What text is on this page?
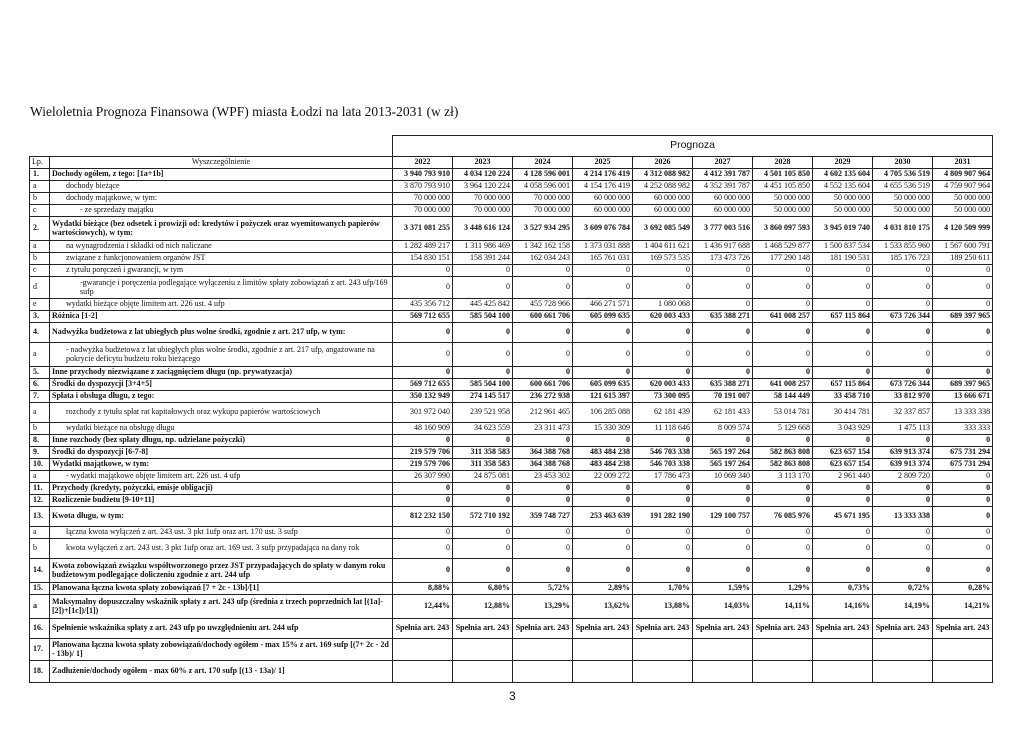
Wieloletnia Prognoza Finansowa (WPF) miasta Łodzi na lata 2013-2031 (w zł)
		Prognoza									
Lp.	Wyszczególnienie	2022	2023	2024	2025	2026	2027	2028	2029	2030	2031
1.	Dochody ogółem, z tego: [1a+1b]	3 940 793 910	4 034 120 224	4 128 596 001	4 214 176 419	4 312 088 982	4 412 391 787	4 501 105 850	4 602 135 604	4 705 536 519	4 809 907 964
a	dochody bieżące	3 870 793 910	3 964 120 224	4 058 596 001	4 154 176 419	4 252 088 982	4 352 391 787	4 451 105 850	4 552 135 604	4 655 536 519	4 759 907 964
b	dochody majątkowe, w tym:	70 000 000	70 000 000	70 000 000	60 000 000	60 000 000	60 000 000	50 000 000	50 000 000	50 000 000	50 000 000
c	- ze sprzedaży majątku	70 000 000	70 000 000	70 000 000	60 000 000	60 000 000	60 000 000	50 000 000	50 000 000	50 000 000	50 000 000
2.	Wydatki bieżące (bez odsetek i prowizji od: kredytów i pożyczek oraz wyemitowanych papierów wartościowych), w tym:	3 371 081 255	3 448 616 124	3 527 934 295	3 609 076 784	3 692 085 549	3 777 003 516	3 860 097 593	3 945 019 740	4 031 810 175	4 120 509 999
a	na wynagrodzenia i składki od nich naliczane	1 282 489 217	1 311 986 469	1 342 162 158	1 373 031 888	1 404 611 621	1 436 917 688	1 468 529 877	1 500 837 534	1 533 855 960	1 567 600 791
b	związane z funkcjonowaniem organów JST	154 830 151	158 391 244	162 034 243	165 761 031	169 573 535	173 473 726	177 290 148	181 190 531	185 176 723	189 250 611
c	z tytułu poręczeń i gwarancji, w tym	0	0	0	0	0	0	0	0	0	0
d	-gwarancje i poręczenia podlegające wyłączeniu z limitów spłaty zobowiązań z art. 243 ufp/169 sufp	0	0	0	0	0	0	0	0	0	0
e	wydatki bieżące objęte limitem art. 226 ust. 4 ufp	435 356 712	445 425 842	455 728 966	466 271 571	1 080 068	0	0	0	0	0
3.	Różnica [1-2]	569 712 655	585 504 100	600 661 706	605 099 635	620 003 433	635 388 271	641 008 257	657 115 864	673 726 344	689 397 965
4.	Nadwyżka budżetowa z lat ubiegłych plus wolne środki, zgodnie z art. 217 ufp, w tym:	0	0	0	0	0	0	0	0	0	0
a	- nadwyżka budżetowa z lat ubiegłych plus wolne środki, zgodnie z art. 217 ufp, angażowane na pokrycie deficytu budżetu roku bieżącego	0	0	0	0	0	0	0	0	0	0
5.	Inne przychody niezwiązane z zaciągnięciem długu (np. prywatyzacja)	0	0	0	0	0	0	0	0	0	0
6.	Środki do dyspozycji [3+4+5]	569 712 655	585 504 100	600 661 706	605 099 635	620 003 433	635 388 271	641 008 257	657 115 864	673 726 344	689 397 965
7.	Spłata i obsługa długu, z tego:	350 132 949	274 145 517	236 272 938	121 615 397	73 300 095	70 191 007	58 144 449	33 458 710	33 812 970	13 666 671
a	rozchody z tytułu spłat rat kapitałowych oraz wykupu papierów wartościowych	301 972 040	239 521 958	212 961 465	106 285 088	62 181 439	62 181 433	53 014 781	30 414 781	32 337 857	13 333 338
b	wydatki bieżące na obsługę długu	48 160 909	34 623 559	23 311 473	15 330 309	11 118 646	8 009 574	5 129 668	3 043 929	1 475 113	333 333
8.	Inne rozchody (bez spłaty długu, np. udzielane pożyczki)	0	0	0	0	0	0	0	0	0	0
9.	Środki do dyspozycji [6-7-8]	219 579 706	311 358 583	364 388 768	483 484 238	546 703 338	565 197 264	582 863 808	623 657 154	639 913 374	675 731 294
10.	Wydatki majątkowe, w tym:	219 579 706	311 358 583	364 388 768	483 484 238	546 703 338	565 197 264	582 863 808	623 657 154	639 913 374	675 731 294
a	- wydatki majątkowe objęte limitem art. 226 ust. 4 ufp	26 307 990	24 875 081	23 453 302	22 009 272	17 786 473	10 069 340	3 113 170	2 961 440	2 809 720	0
11.	Przychody (kredyty, pożyczki, emisje obligacji)	0	0	0	0	0	0	0	0	0	0
12.	Rozliczenie budżetu [9-10+11]	0	0	0	0	0	0	0	0	0	0
13.	Kwota długu, w tym:	812 232 150	572 710 192	359 748 727	253 463 639	191 282 190	129 100 757	76 085 976	45 671 195	13 333 338	0
a	łączna kwota wyłączeń z art. 243 ust. 3 pkt 1ufp oraz art. 170 ust. 3 sufp	0	0	0	0	0	0	0	0	0	0
b	kwota wyłączeń z art. 243 ust. 3 pkt 1ufp oraz art. 169 ust. 3 sufp przypadająca na dany rok	0	0	0	0	0	0	0	0	0	0
14.	Kwota zobowiązań związku współtworzonego przez JST przypadających do spłaty w danym roku budżetowym podlegające doliczeniu zgodnie z art. 244 ufp	0	0	0	0	0	0	0	0	0	0
15.	Planowana łączna kwota spłaty zobowiązań [7 + 2c - 13b]/[1]	8,88%	6,80%	5,72%	2,89%	1,70%	1,59%	1,29%	0,73%	0,72%	0,28%
a	Maksymalny dopuszczalny wskaźnik spłaty z art. 243 ufp (średnia z trzech poprzednich lat [(1a]-[2])+[1c])/[1])	12,44%	12,88%	13,29%	13,62%	13,88%	14,03%	14,11%	14,16%	14,19%	14,21%
16.	Spełnienie wskaźnika spłaty z art. 243 ufp po uwzględnieniu art. 244 ufp	Spełnia art. 243	Spełnia art. 243	Spełnia art. 243	Spełnia art. 243	Spełnia art. 243	Spełnia art. 243	Spełnia art. 243	Spełnia art. 243	Spełnia art. 243	Spełnia art. 243
17.	Planowana łączna kwota spłaty zobowiązań/dochody ogółem - max 15% z art. 169 sufp [(7+ 2c - 2d - 13b)/ 1]										
18.	Zadłużenie/dochody ogółem - max 60% z art. 170 sufp [(13 - 13a)/ 1]										
3
